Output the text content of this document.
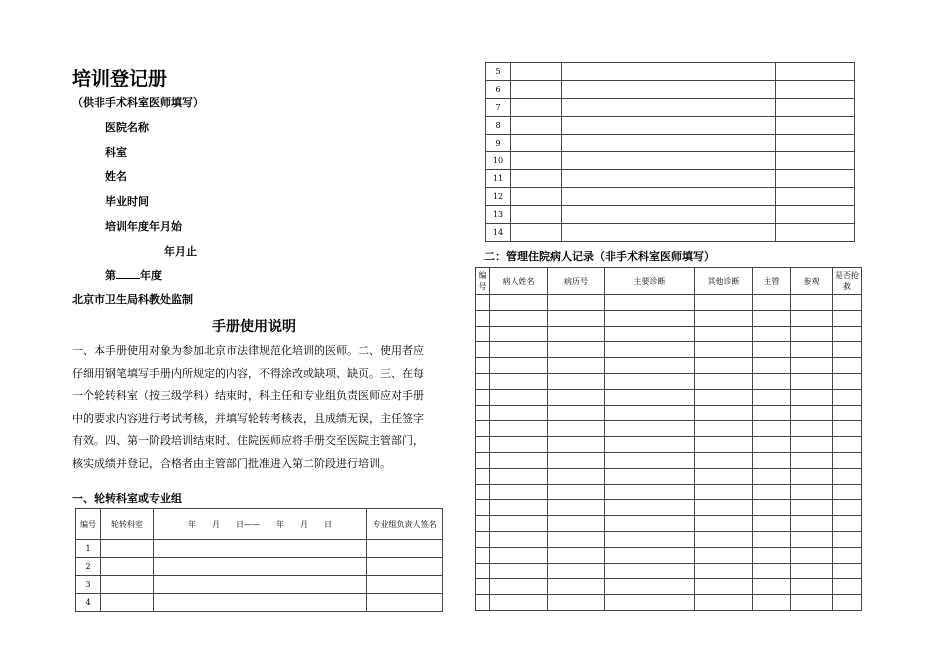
培训登记册
（供非手术科室医师填写）
医院名称
科室
姓名
毕业时间
培训年度年月始
年月止
第 年度
北京市卫生局科教处监制
手册使用说明

一、本手册使用对象为参加北京市法律规范化培训的医师。二、使用者应

仔细用钢笔填写手册内所规定的内容，不得涂改或缺项、缺页。三、在每

一个轮转科室（按三级学科）结束时，科主任和专业组负责医师应对手册

中的要求内容进行考试考核，并填写轮转考核表，且成绩无误，主任签字

有效。四、第一阶段培训结束时、住院医师应将手册交至医院主管部门，

核实成绩并登记，合格者由主管部门批准进入第二阶段进行培训。

一、轮转科室或专业组
编号	轮转科室	年　　月　　日——　　年　　月　　日	专业组负责人签名
1			
2			
3			
4			
5			
6			
7			
8			
9			
10			
11			
12			
13			
14			
二：管理住院病人记录（非手术科室医师填写）
编号	病人姓名	病历号	主要诊断	其他诊断	主管	参观	是否抢救
